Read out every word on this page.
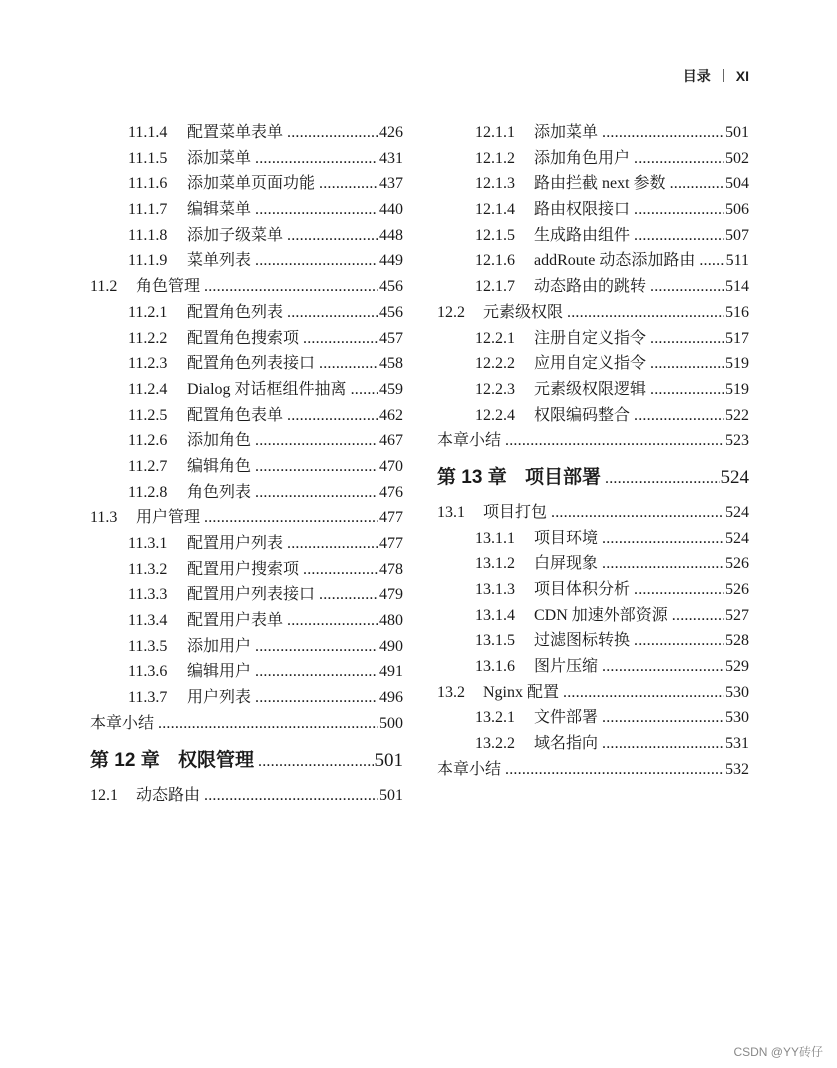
目录 XI
11.1.4	配置菜单表单 .....	426
11.1.5	添加菜单 .....	431
11.1.6	添加菜单页面功能 .....	437
11.1.7	编辑菜单 .....	440
11.1.8	添加子级菜单 .....	448
11.1.9	菜单列表 .....	449
11.2	角色管理 .....	456
11.2.1	配置角色列表 .....	456
11.2.2	配置角色搜索项 .....	457
11.2.3	配置角色列表接口 .....	458
11.2.4	Dialog 对话框组件抽离 ..... 459
11.2.5	配置角色表单 .....	462
11.2.6	添加角色 .....	467
11.2.7	编辑角色 .....	470
11.2.8	角色列表 .....	476
11.3	用户管理 .....	477
11.3.1	配置用户列表 .....	477
11.3.2	配置用户搜索项 .....	478
11.3.3	配置用户列表接口 .....	479
11.3.4	配置用户表单 .....	480
11.3.5	添加用户 .....	490
11.3.6	编辑用户 .....	491
11.3.7	用户列表 .....	496
本章小结 .....	500
第 12 章 权限管理 .....	501
12.1	动态路由 .....	501
12.1.1	添加菜单 .....	501
12.1.2	添加角色用户 .....	502
12.1.3	路由拦截 next 参数 .....	504
12.1.4	路由权限接口 .....	506
12.1.5	生成路由组件 .....	507
12.1.6	addRoute 动态添加路由 ..... 511
12.1.7	动态路由的跳转 .....	514
12.2	元素级权限 .....	516
12.2.1	注册自定义指令 .....	517
12.2.2	应用自定义指令 .....	519
12.2.3	元素级权限逻辑 .....	519
12.2.4	权限编码整合 .....	522
本章小结 .....	523
第 13 章 项目部署 .....	524
13.1	项目打包 .....	524
13.1.1	项目环境 .....	524
13.1.2	白屏现象 .....	526
13.1.3	项目体积分析 .....	526
13.1.4	CDN 加速外部资源 .....	527
13.1.5	过滤图标转换 .....	528
13.1.6	图片压缩 .....	529
13.2	Nginx 配置 .....	530
13.2.1	文件部署 .....	530
13.2.2	域名指向 .....	531
本章小结 .....	532
CSDN @YY砖仔
